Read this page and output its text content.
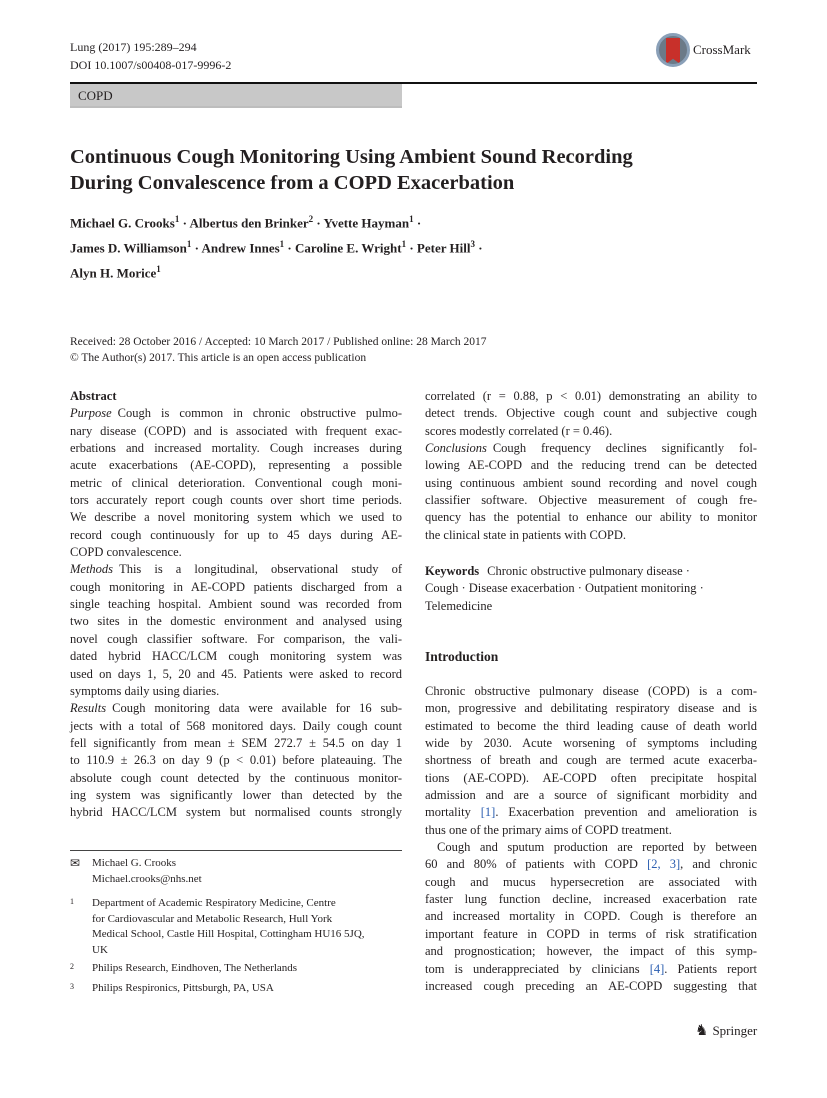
Lung (2017) 195:289–294
DOI 10.1007/s00408-017-9996-2
CrossMark
COPD
Continuous Cough Monitoring Using Ambient Sound Recording
During Convalescence from a COPD Exacerbation
Michael G. Crooks$^1$ · Albertus den Brinker$^2$ · Yvette Hayman$^1$ ·
James D. Williamson$^1$ · Andrew Innes$^1$ · Caroline E. Wright$^1$ · Peter Hill$^3$ ·
Alyn H. Morice$^1$
Received: 28 October 2016 / Accepted: 10 March 2017 / Published online: 28 March 2017
© The Author(s) 2017. This article is an open access publication
Abstract
Purpose Cough is common in chronic obstructive pulmo-
nary disease (COPD) and is associated with frequent exac-
erbations and increased mortality. Cough increases during
acute exacerbations (AE-COPD), representing a possible
metric of clinical deterioration. Conventional cough moni-
tors accurately report cough counts over short time periods.
We describe a novel monitoring system which we used to
record cough continuously for up to 45 days during AE-
COPD convalescence.
Methods This is a longitudinal, observational study of
cough monitoring in AE-COPD patients discharged from a
single teaching hospital. Ambient sound was recorded from
two sites in the domestic environment and analysed using
novel cough classifier software. For comparison, the vali-
dated hybrid HACC/LCM cough monitoring system was
used on days 1, 5, 20 and 45. Patients were asked to record
symptoms daily using diaries.
Results Cough monitoring data were available for 16 sub-
jects with a total of 568 monitored days. Daily cough count
fell significantly from mean ± SEM 272.7 ± 54.5 on day 1
to 110.9 ± 26.3 on day 9 (p < 0.01) before plateauing. The
absolute cough count detected by the continuous monitor-
ing system was significantly lower than detected by the
hybrid HACC/LCM system but normalised counts strongly
correlated (r = 0.88, p < 0.01) demonstrating an ability to
detect trends. Objective cough count and subjective cough
scores modestly correlated (r = 0.46).
Conclusions Cough frequency declines significantly fol-
lowing AE-COPD and the reducing trend can be detected
using continuous ambient sound recording and novel cough
classifier software. Objective measurement of cough fre-
quency has the potential to enhance our ability to monitor
the clinical state in patients with COPD.
Keywords Chronic obstructive pulmonary disease ·
Cough · Disease exacerbation · Outpatient monitoring ·
Telemedicine
Introduction
Chronic obstructive pulmonary disease (COPD) is a com-
mon, progressive and debilitating respiratory disease and is
estimated to become the third leading cause of death world
wide by 2030. Acute worsening of symptoms including
shortness of breath and cough are termed acute exacerba-
tions (AE-COPD). AE-COPD often precipitate hospital
admission and are a source of significant morbidity and
mortality [1]. Exacerbation prevention and amelioration is
thus one of the primary aims of COPD treatment.
Cough and sputum production are reported by between
60 and 80% of patients with COPD [2, 3], and chronic
cough and mucus hypersecretion are associated with
faster lung function decline, increased exacerbation rate
and increased mortality in COPD. Cough is therefore an
important feature in COPD in terms of risk stratification
and prognostication; however, the impact of this symp-
tom is underappreciated by clinicians [4]. Patients report
increased cough preceding an AE-COPD suggesting that
✉ Michael G. Crooks
Michael.crooks@nhs.net
1 Department of Academic Respiratory Medicine, Centre
for Cardiovascular and Metabolic Research, Hull York
Medical School, Castle Hill Hospital, Cottingham HU16 5JQ,
UK
2 Philips Research, Eindhoven, The Netherlands
3 Philips Respironics, Pittsburgh, PA, USA
♞ Springer
